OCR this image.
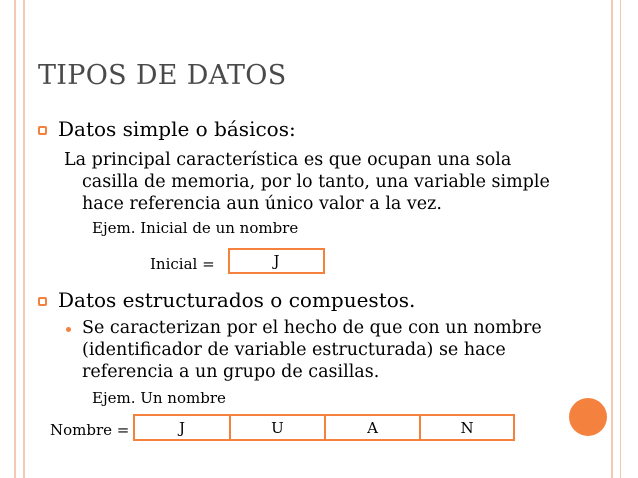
TIPOS DE DATOS
Datos simple o básicos:
La principal característica es que ocupan una sola
casilla de memoria, por lo tanto, una variable simple
hace referencia aun único valor a la vez.
Ejem. Inicial de un nombre
Inicial =	J
Datos estructurados o compuestos.
Se caracterizan por el hecho de que con un nombre
(identificador de variable estructurada) se hace
referencia a un grupo de casillas.
Ejem. Un nombre
Nombre =	J	U	A	N
